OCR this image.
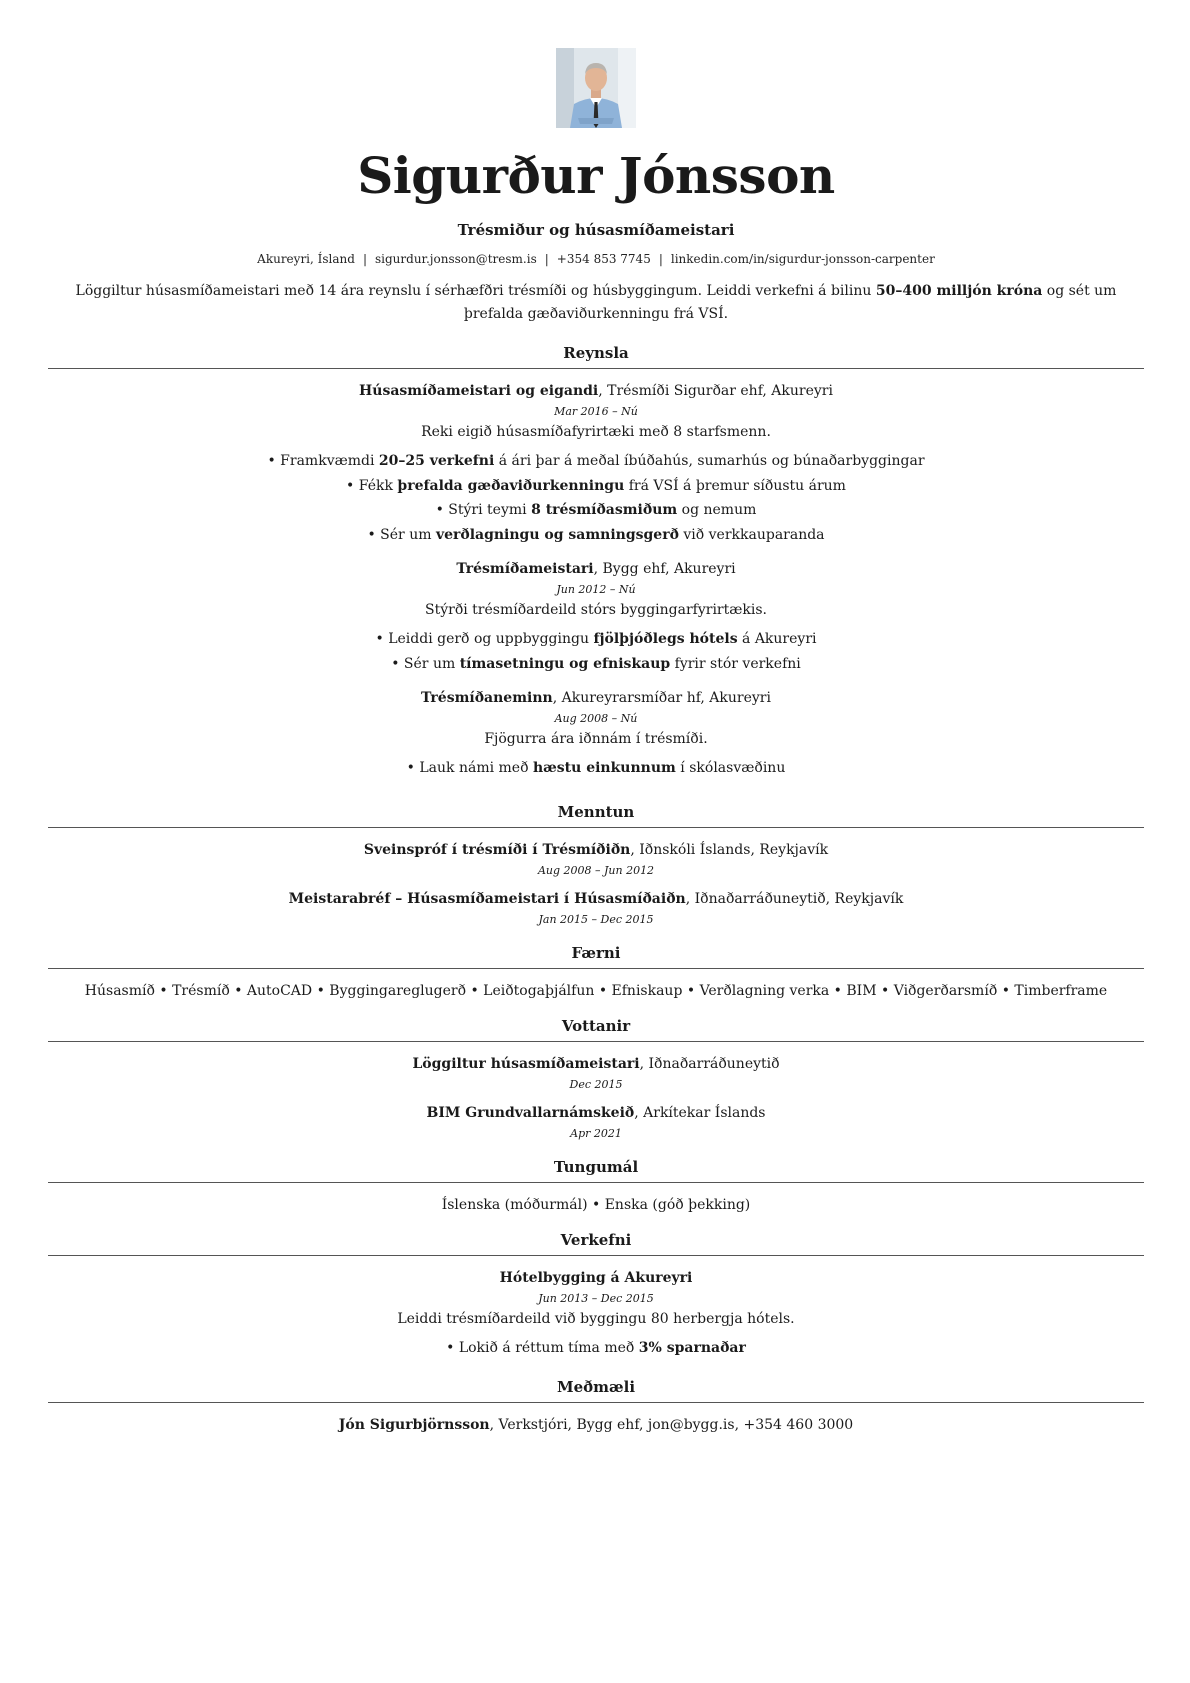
Sigurður Jónsson
Trésmiður og húsasmíðameistari
Akureyri, Ísland | sigurdur.jonsson@tresm.is | +354 853 7745 | linkedin.com/in/sigurdur-jonsson-carpenter
Löggiltur húsasmíðameistari með 14 ára reynslu í sérhæfðri trésmíði og húsbyggingum. Leiddi verkefni á bilinu 50–400 milljón króna og sét um þrefalda gæðaviðurkenningu frá VSÍ.
Reynsla
Húsasmíðameistari og eigandi, Trésmíði Sigurðar ehf, Akureyri
Mar 2016 – Nú
Reki eigið húsasmíðafyrirtæki með 8 starfsmenn.
• Framkvæmdi 20–25 verkefni á ári þar á meðal íbúðahús, sumarhús og búnaðarbyggingar
• Fékk þrefalda gæðaviðurkenningu frá VSÍ á þremur síðustu árum
• Stýri teymi 8 trésmíðasmiðum og nemum
• Sér um verðlagningu og samningsgerð við verkkauparanda
Trésmíðameistari, Bygg ehf, Akureyri
Jun 2012 – Nú
Stýrði trésmíðardeild stórs byggingarfyrirtækis.
• Leiddi gerð og uppbyggingu fjölþjóðlegs hótels á Akureyri
• Sér um tímasetningu og efniskaup fyrir stór verkefni
Trésmíðaneminn, Akureyrarsmíðar hf, Akureyri
Aug 2008 – Nú
Fjögurra ára iðnnám í trésmíði.
• Lauk námi með hæstu einkunnum í skólasvæðinu
Menntun
Sveinspróf í trésmíði í Trésmíðiðn, Iðnskóli Íslands, Reykjavík
Aug 2008 – Jun 2012
Meistarabréf – Húsasmíðameistari í Húsasmíðaiðn, Iðnaðarráðuneytið, Reykjavík
Jan 2015 – Dec 2015
Færni
Húsasmíð • Trésmíð • AutoCAD • Byggingareglugerð • Leiðtogaþjálfun • Efniskaup • Verðlagning verka • BIM • Viðgerðarsmíð • Timberframe
Vottanir
Löggiltur húsasmíðameistari, Iðnaðarráðuneytið
Dec 2015
BIM Grundvallarnámskeið, Arkítekar Íslands
Apr 2021
Tungumál
Íslenska (móðurmál) • Enska (góð þekking)
Verkefni
Hótelbygging á Akureyri
Jun 2013 – Dec 2015
Leiddi trésmíðardeild við byggingu 80 herbergja hótels.
• Lokið á réttum tíma með 3% sparnaðar
Meðmæli
Jón Sigurbjörnsson, Verkstjóri, Bygg ehf, jon@bygg.is, +354 460 3000
